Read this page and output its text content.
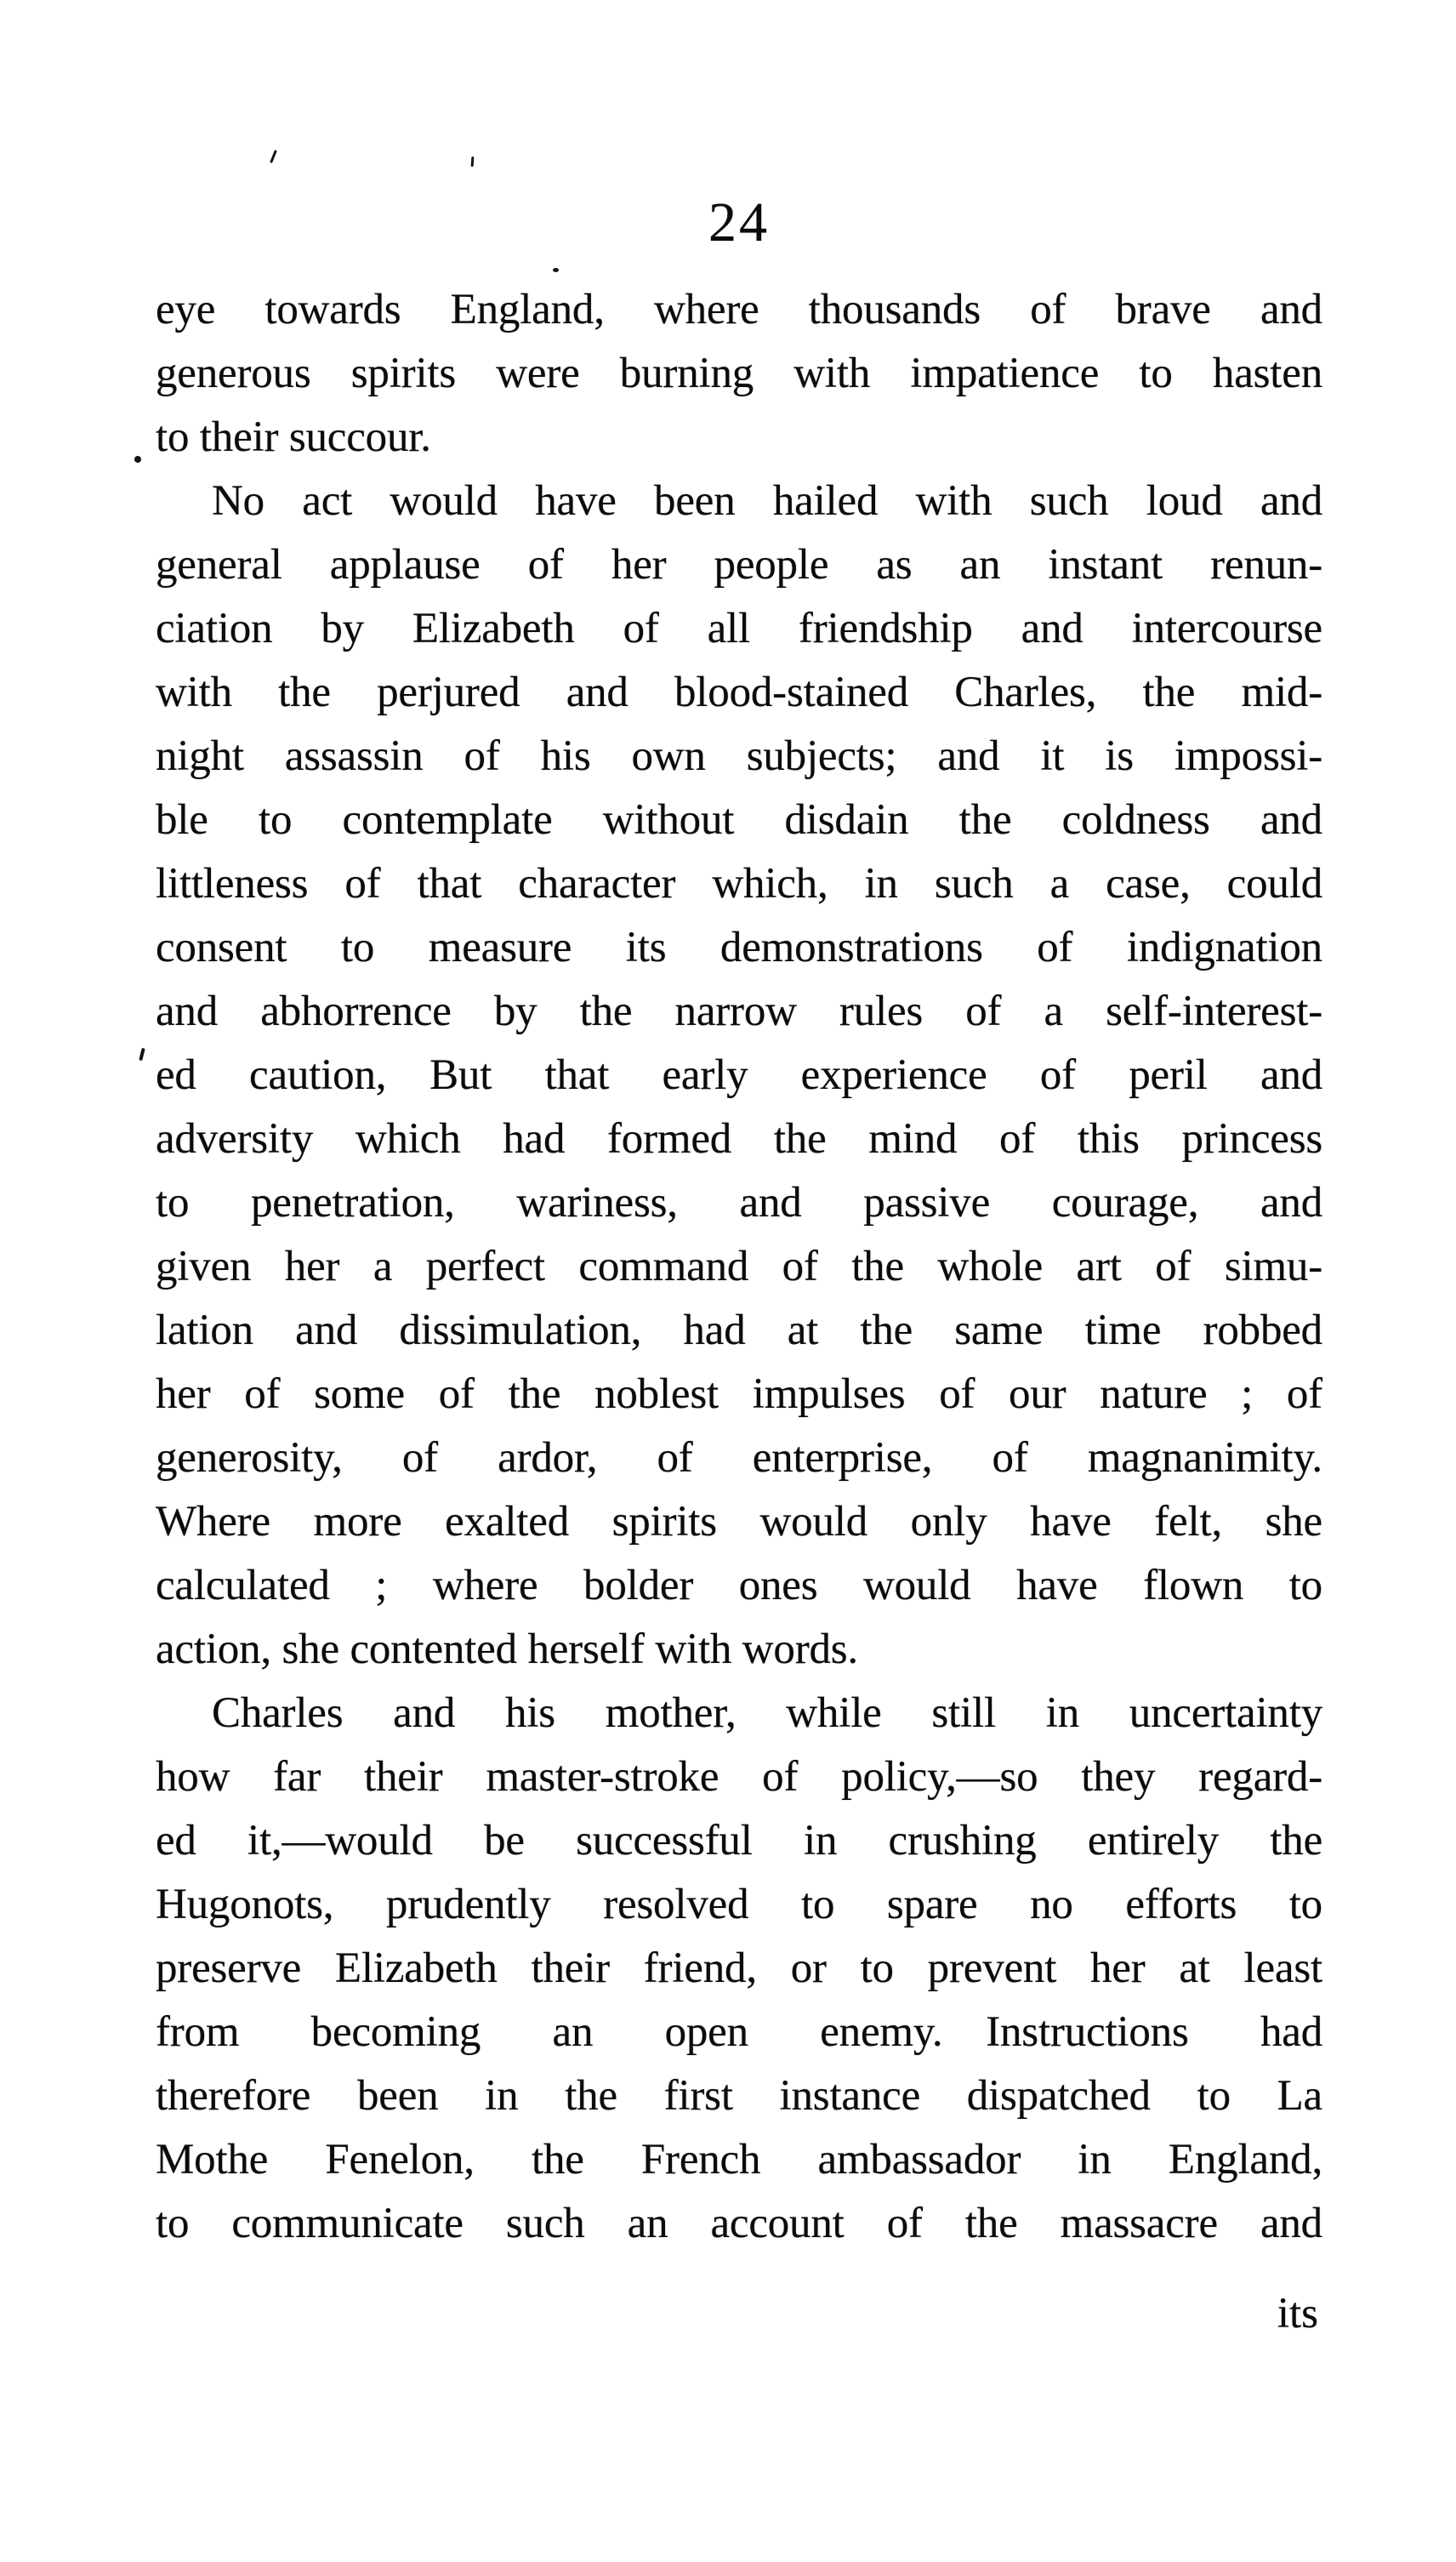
24
eye towards England, where thousands of brave and
generous spirits were burning with impatience to hasten
to their succour.
No act would have been hailed with such loud and
general applause of her people as an instant renun-
ciation by Elizabeth of all friendship and intercourse
with the perjured and blood-stained Charles, the mid-
night assassin of his own subjects; and it is impossi-
ble to contemplate without disdain the coldness and
littleness of that character which, in such a case, could
consent to measure its demonstrations of indignation
and abhorrence by the narrow rules of a self-interest-
ed caution, But that early experience of peril and
adversity which had formed the mind of this princess
to penetration, wariness, and passive courage, and
given her a perfect command of the whole art of simu-
lation and dissimulation, had at the same time robbed
her of some of the noblest impulses of our nature ; of
generosity, of ardor, of enterprise, of magnanimity.
Where more exalted spirits would only have felt, she
calculated ; where bolder ones would have flown to
action, she contented herself with words.
Charles and his mother, while still in uncertainty
how far their master-stroke of policy,—so they regard-
ed it,—would be successful in crushing entirely the
Hugonots, prudently resolved to spare no efforts to
preserve Elizabeth their friend, or to prevent her at least
from becoming an open enemy. Instructions had
therefore been in the first instance dispatched to La
Mothe Fenelon, the French ambassador in England,
to communicate such an account of the massacre and
its
